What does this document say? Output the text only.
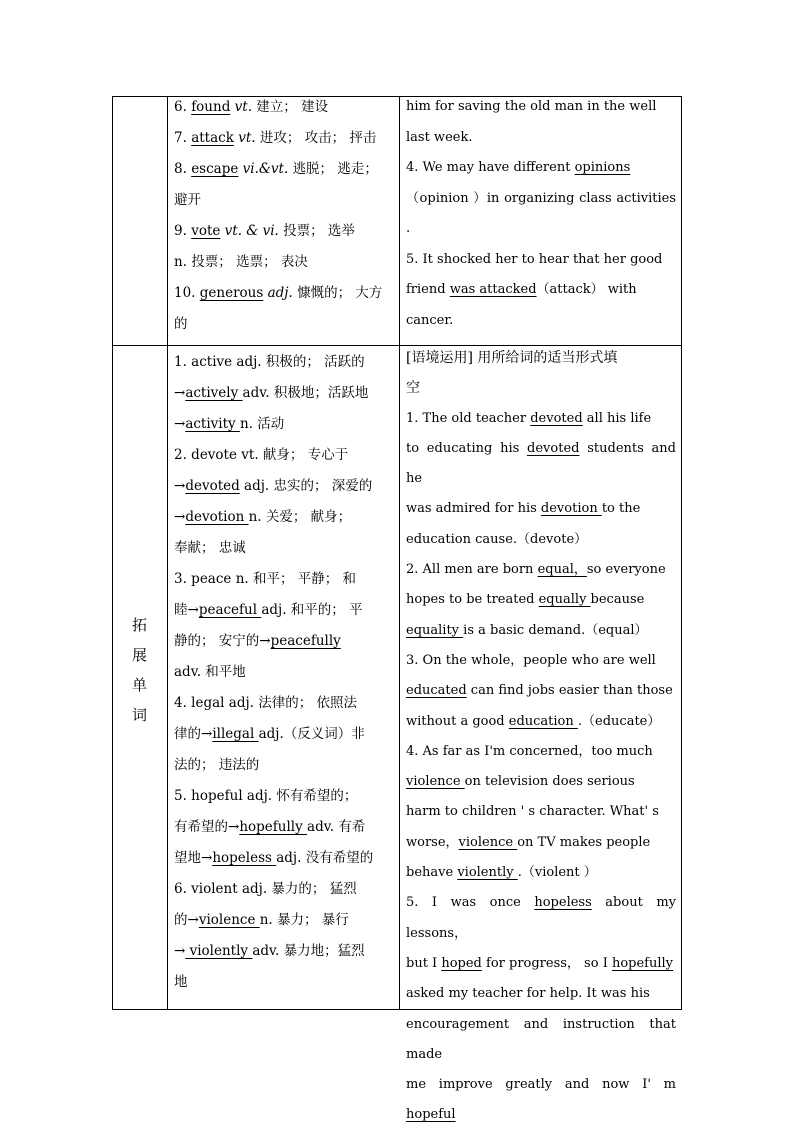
6. found vt. 建立； 建设

7. attack vt. 进攻； 攻击； 抨击

8. escape vi.&vt. 逃脱； 逃走；

避开

9. vote vt. & vi. 投票； 选举

n. 投票； 选票； 表决

10. generous adj. 慷慨的； 大方

的

him for saving the old man in the well

last week.

4. We may have different opinions

（opinion ）in organizing class activities .

5. It shocked her to hear that her good

friend was attacked（attack） with

cancer.

拓
展
单
词

1. active adj. 积极的； 活跃的

→actively adv. 积极地；活跃地

→activity n. 活动

2. devote vt. 献身； 专心于

→devoted adj. 忠实的； 深爱的

→devotion n. 关爱； 献身；

奉献； 忠诚

3. peace n. 和平； 平静； 和

睦→peaceful adj. 和平的； 平

静的； 安宁的→peacefully

adv. 和平地

4. legal adj. 法律的； 依照法

律的→illegal adj.（反义词）非

法的； 违法的

5. hopeful adj. 怀有希望的；

有希望的→hopefully adv. 有希

望地→hopeless adj. 没有希望的

6. violent adj. 暴力的； 猛烈

的→violence n. 暴力； 暴行

→ violently adv. 暴力地；猛烈

地

[语境运用] 用所给词的适当形式填

空

1. The old teacher devoted all his life

to educating his devoted students and he

was admired for his devotion to the

education cause.（devote）

2. All men are born equal，so everyone

hopes to be treated equally because

equality is a basic demand.（equal）

3. On the whole，people who are well

educated can find jobs easier than those

without a good education .（educate）

4. As far as I'm concerned，too much

violence on television does serious

harm to children ' s character. What' s

worse，violence on TV makes people

behave violently .（violent ）

5. I was once hopeless about my lessons，

but I hoped for progress， so I hopefully

asked my teacher for help. It was his

encouragement and instruction that made

me improve greatly and now I' m hopeful
